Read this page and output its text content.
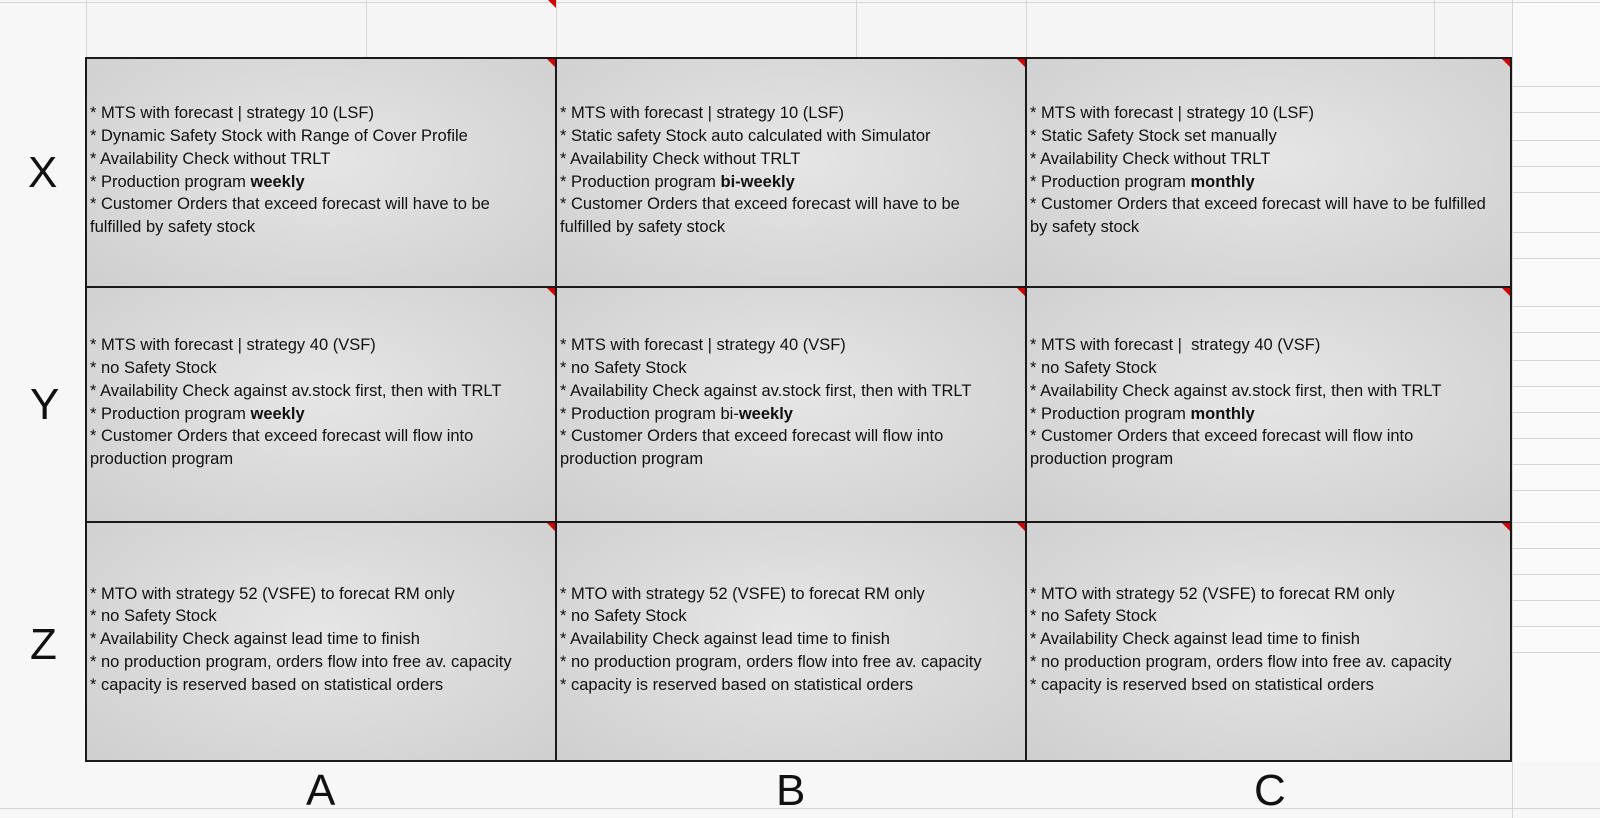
X
Y
Z
A	B	C
* MTS with forecast | strategy 10 (LSF)
* Dynamic Safety Stock with Range of Cover Profile
* Availability Check without TRLT
* Production program weekly
* Customer Orders that exceed forecast will have to be
fulfilled by safety stock
* MTS with forecast | strategy 10 (LSF)
* Static safety Stock auto calculated with Simulator
* Availability Check without TRLT
* Production program bi-weekly
* Customer Orders that exceed forecast will have to be
fulfilled by safety stock
* MTS with forecast | strategy 10 (LSF)
* Static Safety Stock set manually
* Availability Check without TRLT
* Production program monthly
* Customer Orders that exceed forecast will have to be fulfilled
by safety stock
* MTS with forecast | strategy 40 (VSF)
* no Safety Stock
* Availability Check against av.stock first, then with TRLT
* Production program weekly
* Customer Orders that exceed forecast will flow into
production program
* MTS with forecast | strategy 40 (VSF)
* no Safety Stock
* Availability Check against av.stock first, then with TRLT
* Production program bi-weekly
* Customer Orders that exceed forecast will flow into
production program
* MTS with forecast |  strategy 40 (VSF)
* no Safety Stock
* Availability Check against av.stock first, then with TRLT
* Production program monthly
* Customer Orders that exceed forecast will flow into
production program
* MTO with strategy 52 (VSFE) to forecat RM only
* no Safety Stock
* Availability Check against lead time to finish
* no production program, orders flow into free av. capacity
* capacity is reserved based on statistical orders
* MTO with strategy 52 (VSFE) to forecat RM only
* no Safety Stock
* Availability Check against lead time to finish
* no production program, orders flow into free av. capacity
* capacity is reserved based on statistical orders
* MTO with strategy 52 (VSFE) to forecat RM only
* no Safety Stock
* Availability Check against lead time to finish
* no production program, orders flow into free av. capacity
* capacity is reserved bsed on statistical orders
